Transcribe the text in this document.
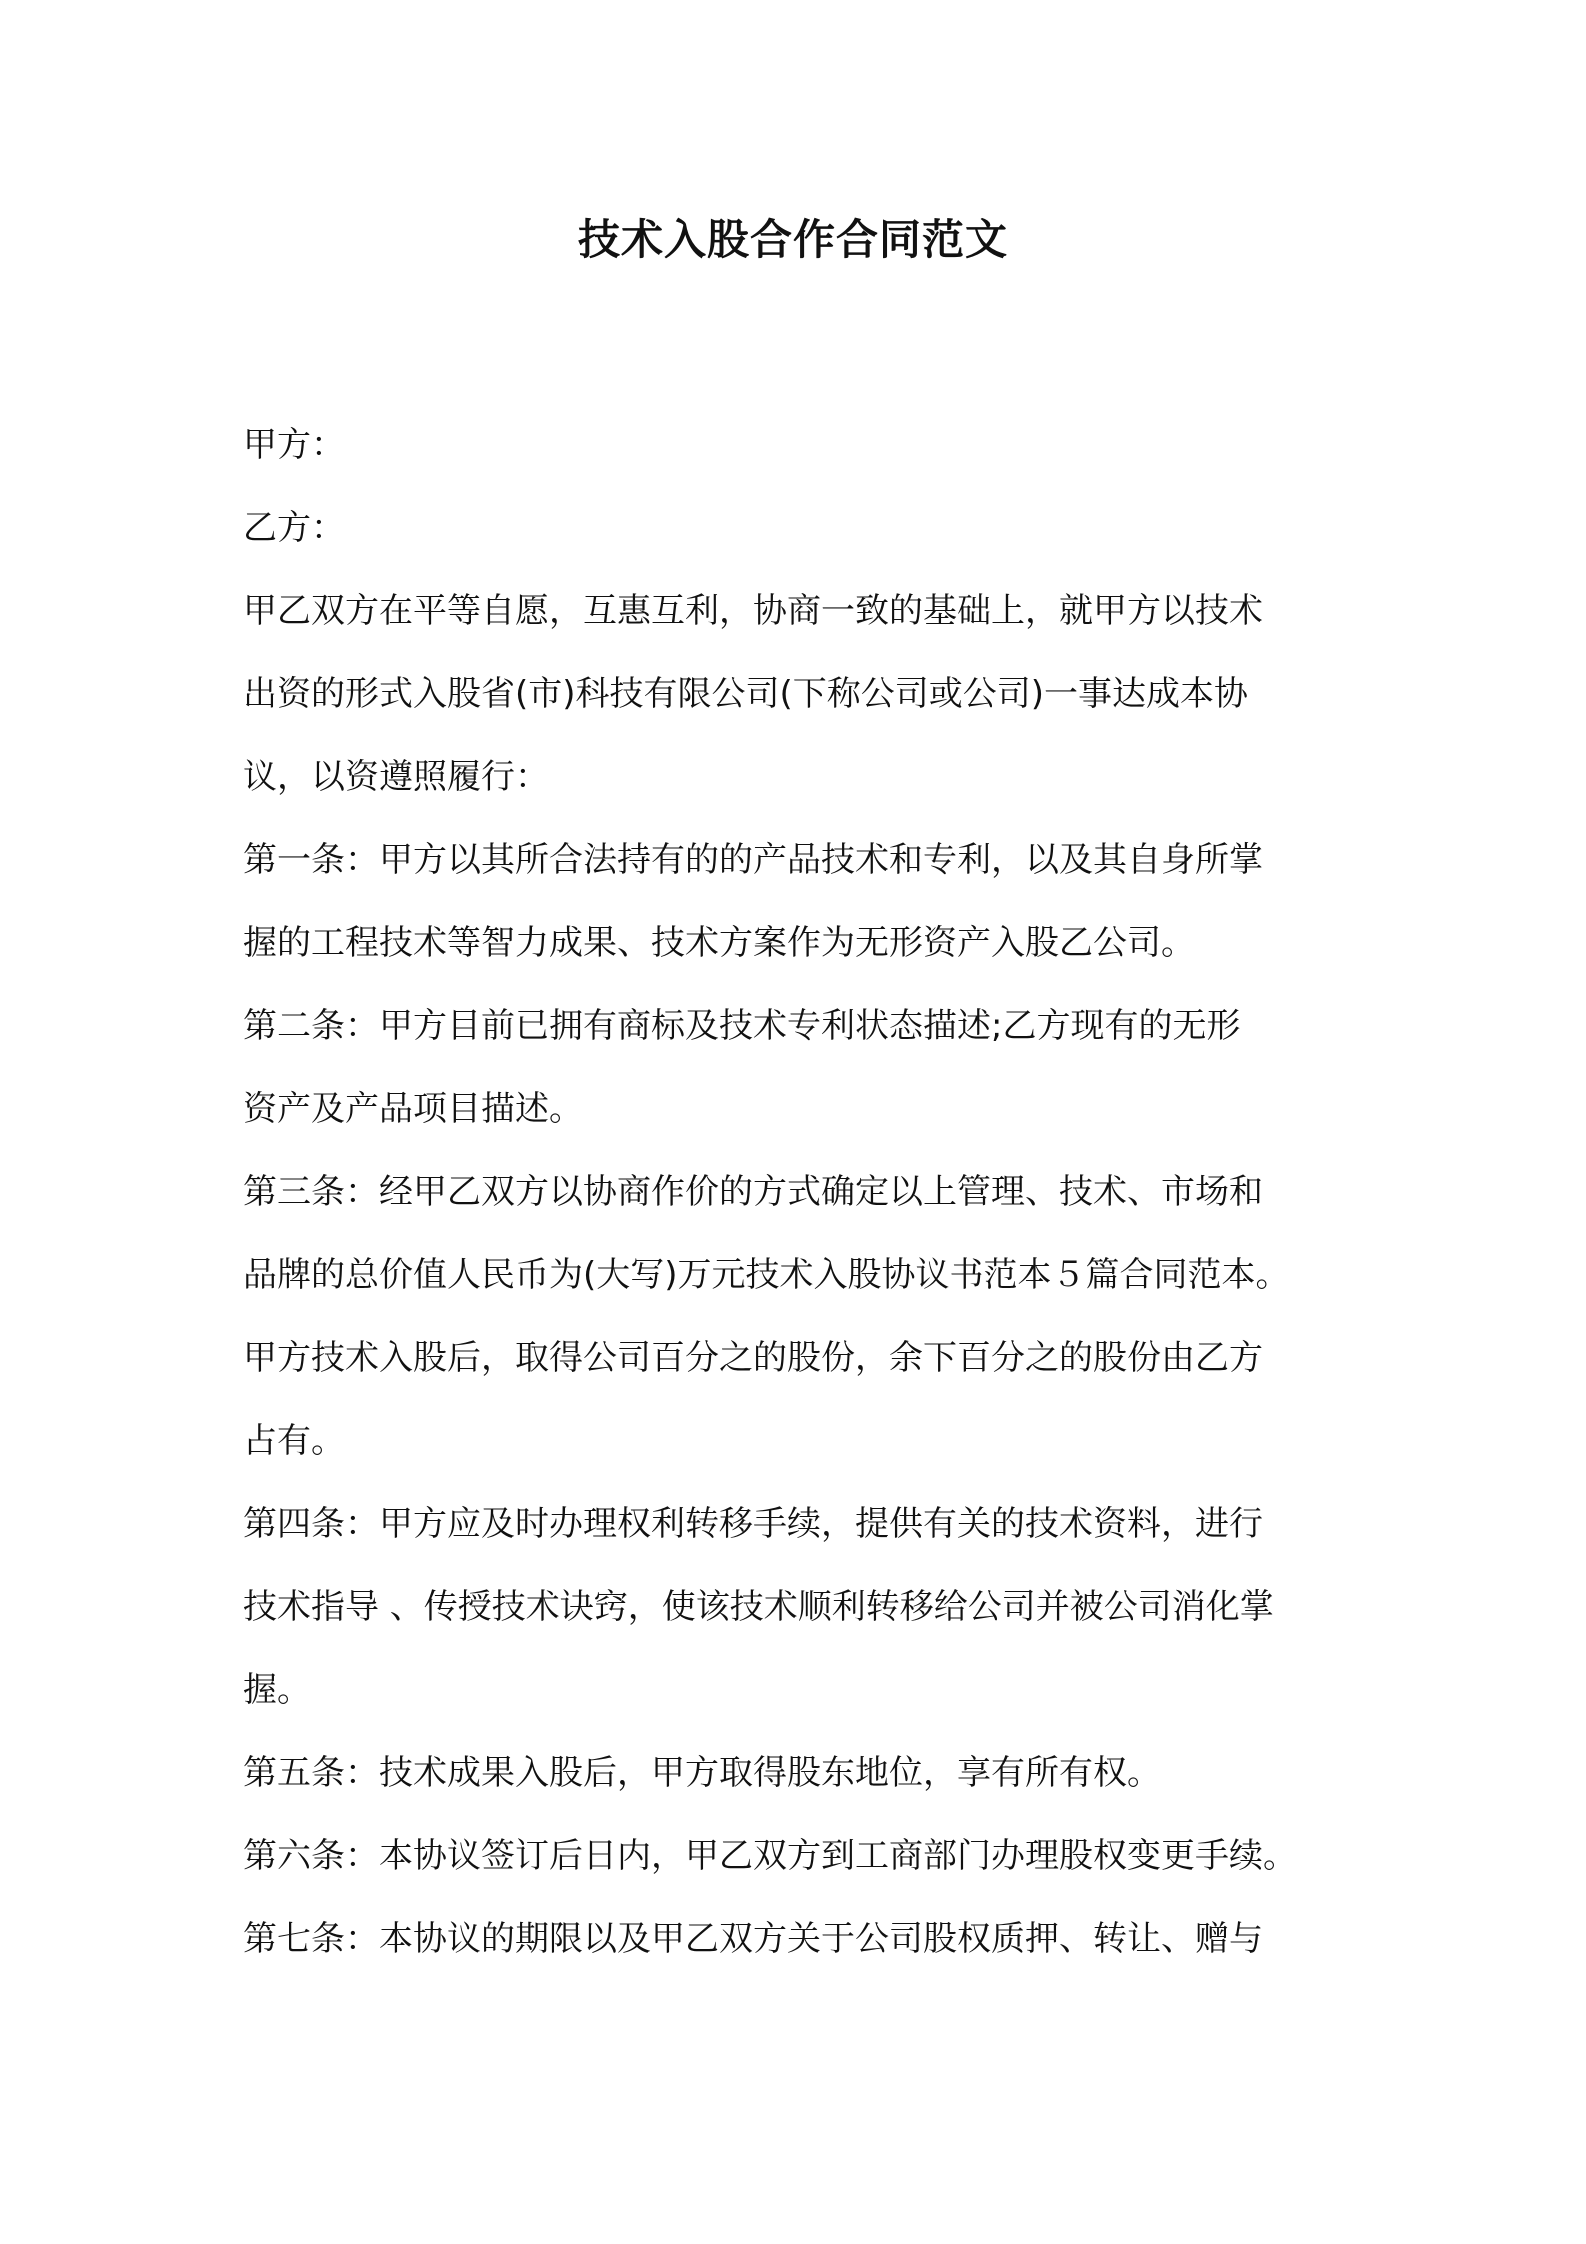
技术入股合作合同范文

甲方：

乙方：

甲乙双方在平等自愿，互惠互利，协商一致的基础上，就甲方以技术

出资的形式入股省(市)科技有限公司(下称公司或公司)一事达成本协

议，以资遵照履行：

第一条：甲方以其所合法持有的的产品技术和专利，以及其自身所掌

握的工程技术等智力成果、技术方案作为无形资产入股乙公司。

第二条：甲方目前已拥有商标及技术专利状态描述;乙方现有的无形

资产及产品项目描述。

第三条：经甲乙双方以协商作价的方式确定以上管理、技术、市场和

品牌的总价值人民币为(大写)万元技术入股协议书范本５篇合同范本。

甲方技术入股后，取得公司百分之的股份，余下百分之的股份由乙方

占有。

第四条：甲方应及时办理权利转移手续，提供有关的技术资料，进行

技术指导 、传授技术诀窍，使该技术顺利转移给公司并被公司消化掌

握。

第五条：技术成果入股后，甲方取得股东地位，享有所有权。

第六条：本协议签订后日内，甲乙双方到工商部门办理股权变更手续。

第七条：本协议的期限以及甲乙双方关于公司股权质押、转让、赠与
